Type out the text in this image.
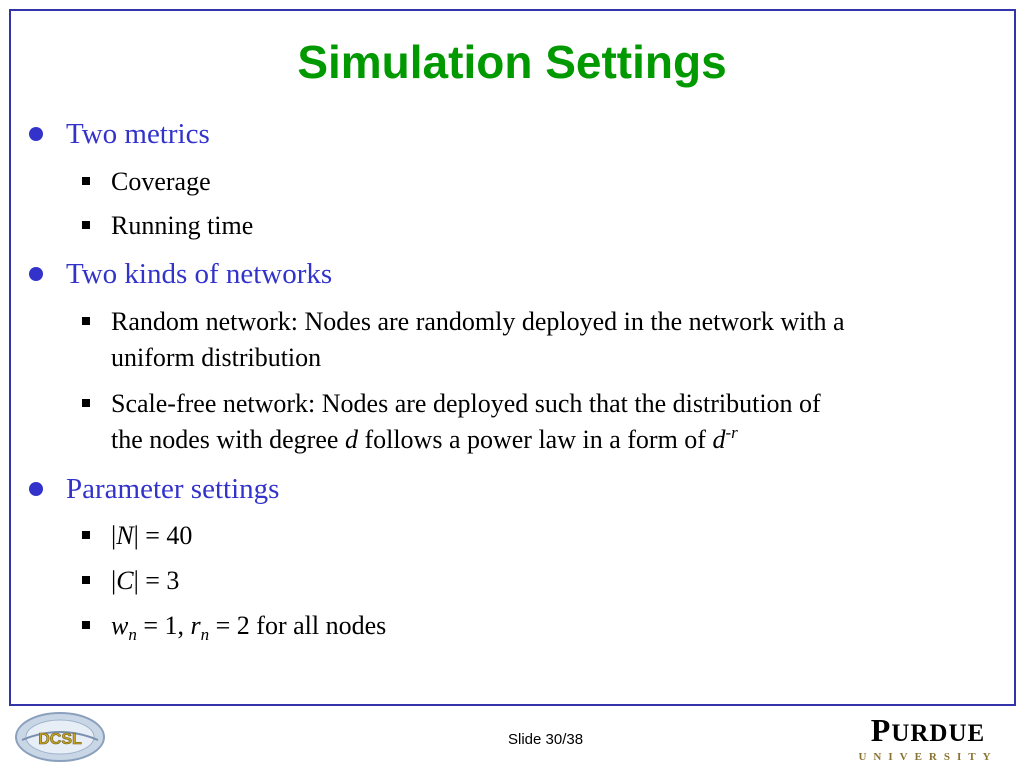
Simulation Settings
Two metrics
Coverage
Running time
Two kinds of networks
Random network: Nodes are randomly deployed in the network with a
uniform distribution
Scale-free network: Nodes are deployed such that the distribution of
the nodes with degree d follows a power law in a form of $d^{-r}$
Parameter settings
|N| = 40
|C| = 3
$w_n = 1$, $r_n = 2$ for all nodes
DCSL	Slide 30/38	PURDUE
UNIVERSITY
